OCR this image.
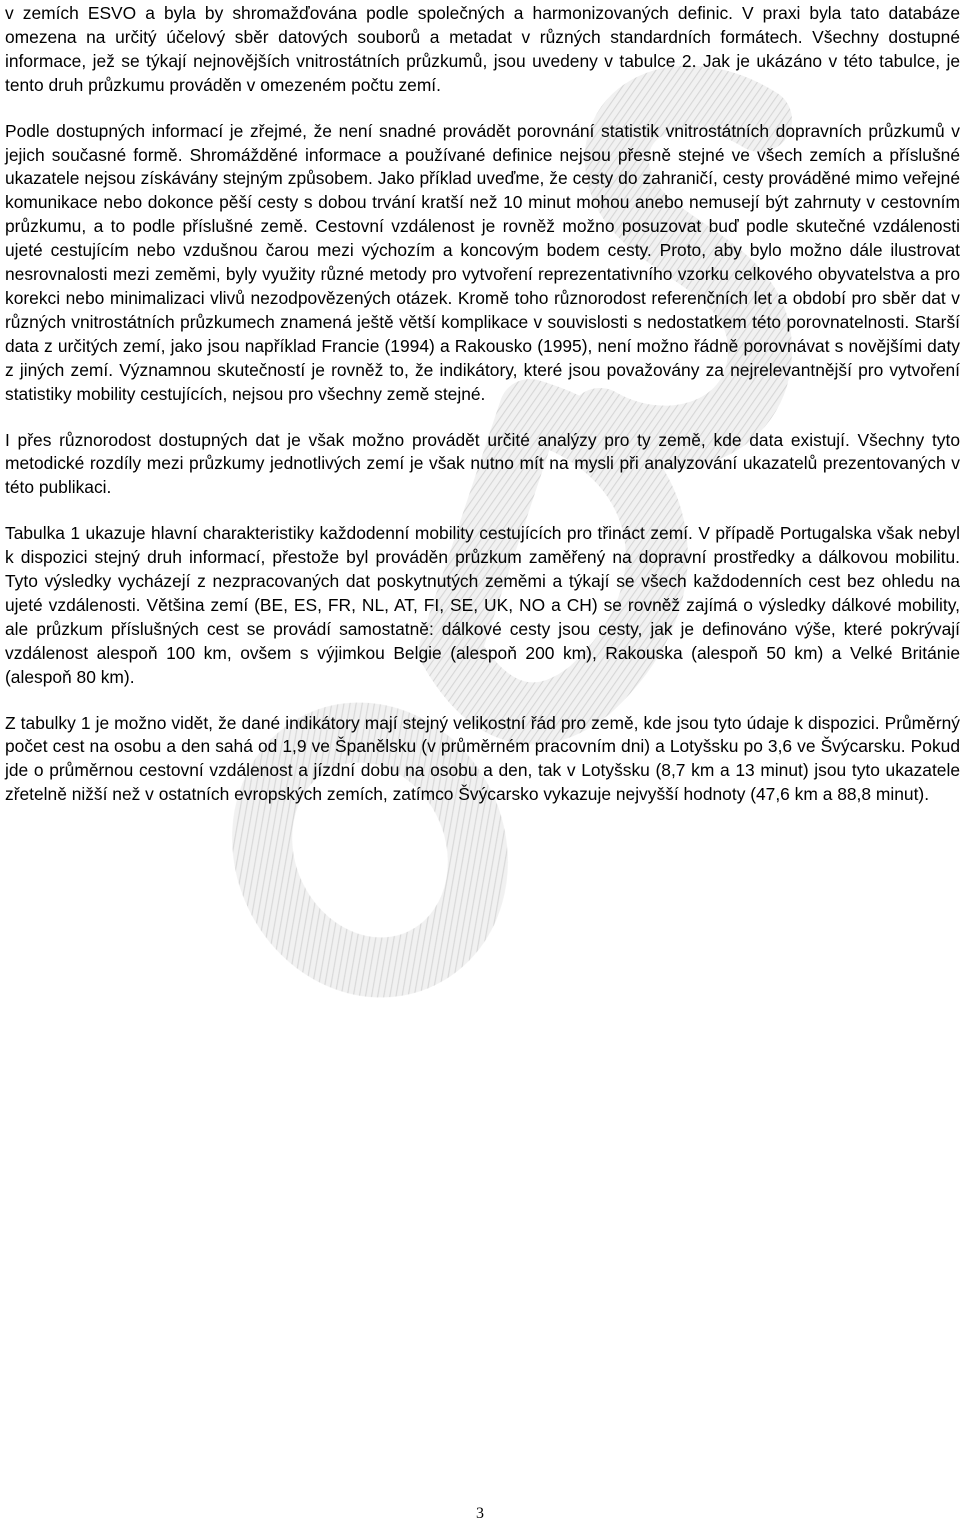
v zemích ESVO a byla by shromažďována podle společných a harmonizovaných definic. V praxi byla tato databáze omezena na určitý účelový sběr datových souborů a metadat v různých standardních formátech. Všechny dostupné informace, jež se týkají nejnovějších vnitrostátních průzkumů, jsou uvedeny v tabulce 2. Jak je ukázáno v této tabulce, je tento druh průzkumu prováděn v omezeném počtu zemí.

Podle dostupných informací je zřejmé, že není snadné provádět porovnání statistik vnitrostátních dopravních průzkumů v jejich současné formě. Shromážděné informace a používané definice nejsou přesně stejné ve všech zemích a příslušné ukazatele nejsou získávány stejným způsobem. Jako příklad uveďme, že cesty do zahraničí, cesty prováděné mimo veřejné komunikace nebo dokonce pěší cesty s dobou trvání kratší než 10 minut mohou anebo nemusejí být zahrnuty v cestovním průzkumu, a to podle příslušné země. Cestovní vzdálenost je rovněž možno posuzovat buď podle skutečné vzdálenosti ujeté cestujícím nebo vzdušnou čarou mezi výchozím a koncovým bodem cesty. Proto, aby bylo možno dále ilustrovat nesrovnalosti mezi zeměmi, byly využity různé metody pro vytvoření reprezentativního vzorku celkového obyvatelstva a pro korekci nebo minimalizaci vlivů nezodpovězených otázek. Kromě toho různorodost referenčních let a období pro sběr dat v různých vnitrostátních průzkumech znamená ještě větší komplikace v souvislosti s nedostatkem této porovnatelnosti. Starší data z určitých zemí, jako jsou například Francie (1994) a Rakousko (1995), není možno řádně porovnávat s novějšími daty z jiných zemí. Významnou skutečností je rovněž to, že indikátory, které jsou považovány za nejrelevantnější pro vytvoření statistiky mobility cestujících, nejsou pro všechny země stejné.

I přes různorodost dostupných dat je však možno provádět určité analýzy pro ty země, kde data existují. Všechny tyto metodické rozdíly mezi průzkumy jednotlivých zemí je však nutno mít na mysli při analyzování ukazatelů prezentovaných v této publikaci.

Tabulka 1 ukazuje hlavní charakteristiky každodenní mobility cestujících pro třináct zemí. V případě Portugalska však nebyl k dispozici stejný druh informací, přestože byl prováděn průzkum zaměřený na dopravní prostředky a dálkovou mobilitu. Tyto výsledky vycházejí z nezpracovaných dat poskytnutých zeměmi a týkají se všech každodenních cest bez ohledu na ujeté vzdálenosti. Většina zemí (BE, ES, FR, NL, AT, FI, SE, UK, NO a CH) se rovněž zajímá o výsledky dálkové mobility, ale průzkum příslušných cest se provádí samostatně: dálkové cesty jsou cesty, jak je definováno výše, které pokrývají vzdálenost alespoň 100 km, ovšem s výjimkou Belgie (alespoň 200 km), Rakouska (alespoň 50 km) a Velké Británie (alespoň 80 km).

Z tabulky 1 je možno vidět, že dané indikátory mají stejný velikostní řád pro země, kde jsou tyto údaje k dispozici. Průměrný počet cest na osobu a den sahá od 1,9 ve Španělsku (v průměrném pracovním dni) a Lotyšsku po 3,6 ve Švýcarsku. Pokud jde o průměrnou cestovní vzdálenost a jízdní dobu na osobu a den, tak v Lotyšsku (8,7 km a 13 minut) jsou tyto ukazatele zřetelně nižší než v ostatních evropských zemích, zatímco Švýcarsko vykazuje nejvyšší hodnoty (47,6 km a 88,8 minut).

3
